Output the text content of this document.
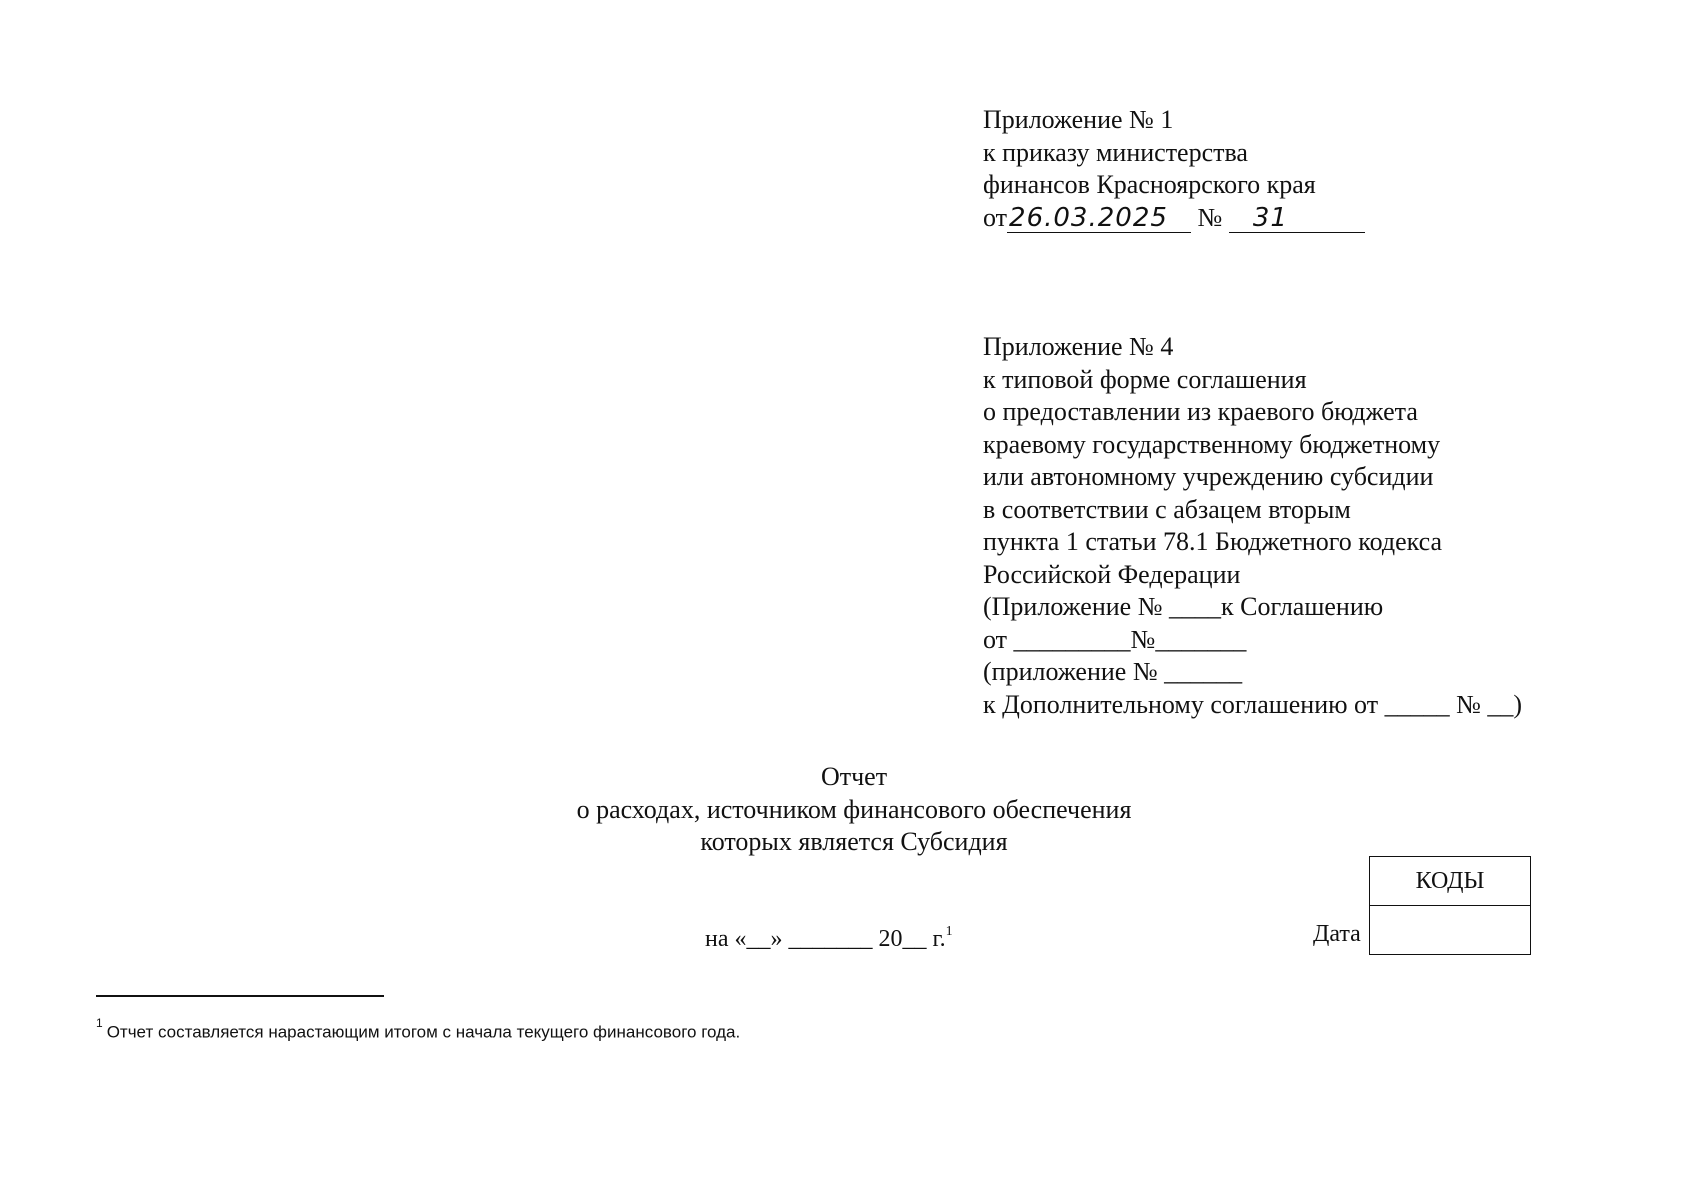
Приложение № 1
к приказу министерства
финансов Красноярского края
от26.03.2025 № 31
Приложение № 4
к типовой форме соглашения
о предоставлении из краевого бюджета
краевому государственному бюджетному
или автономному учреждению субсидии
в соответствии с абзацем вторым
пункта 1 статьи 78.1 Бюджетного кодекса
Российской Федерации
(Приложение № ____к Соглашению
от _________№_______
(приложение № ______
к Дополнительному соглашению от _____ № __)
Отчет
о расходах, источником финансового обеспечения
которых является Субсидия
на «__» _______ 20__ г.$^1$	Дата
КОДЫ
$^1$ Отчет составляется нарастающим итогом с начала текущего финансового года.
